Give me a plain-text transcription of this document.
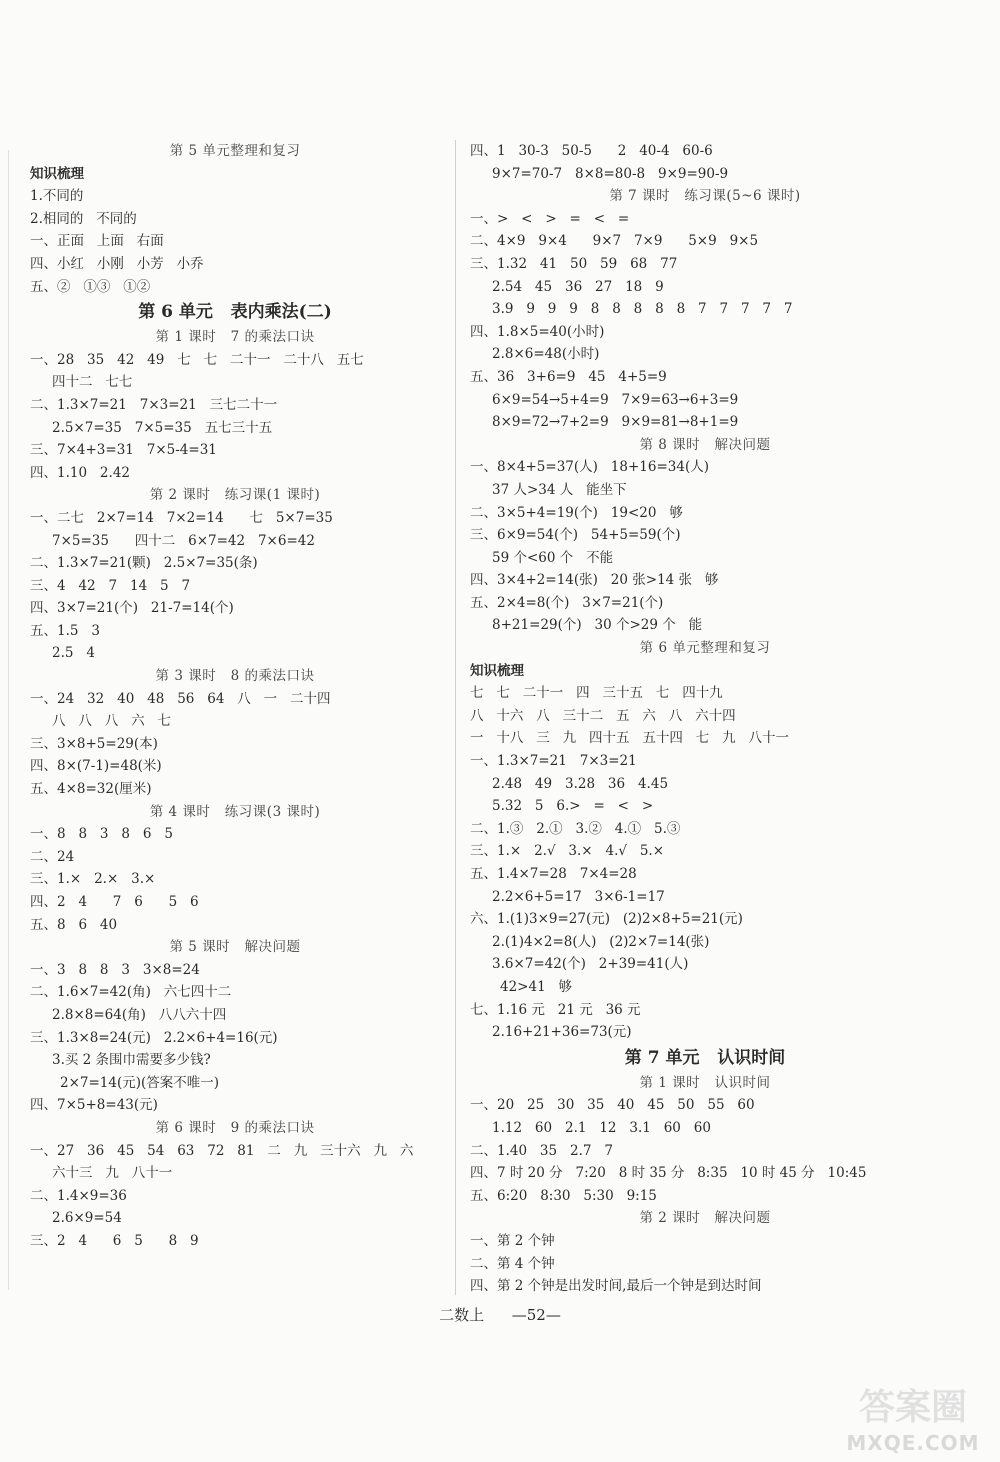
第 5 单元整理和复习
知识梳理
1.不同的
2.相同的   不同的
一、正面   上面   右面
四、小红   小刚   小芳   小乔
五、②   ①③   ①②
第 6 单元   表内乘法(二)
第 1 课时   7 的乘法口诀
一、28   35   42   49   七   七   二十一   二十八   五七
四十二   七七
二、1.3×7=21   7×3=21   三七二十一
2.5×7=35   7×5=35   五七三十五
三、7×4+3=31   7×5-4=31
四、1.10   2.42
第 2 课时   练习课(1 课时)
一、二七   2×7=14   7×2=14      七   5×7=35
7×5=35      四十二   6×7=42   7×6=42
二、1.3×7=21(颗)   2.5×7=35(条)
三、4   42   7   14   5   7
四、3×7=21(个)   21-7=14(个)
五、1.5   3
2.5   4
第 3 课时   8 的乘法口诀
一、24   32   40   48   56   64   八   一   二十四
八   八   八   六   七
三、3×8+5=29(本)
四、8×(7-1)=48(米)
五、4×8=32(厘米)
第 4 课时   练习课(3 课时)
一、8   8   3   8   6   5
二、24
三、1.×   2.×   3.×
四、2   4      7   6      5   6
五、8   6   40
第 5 课时   解决问题
一、3   8   8   3   3×8=24
二、1.6×7=42(角)   六七四十二
2.8×8=64(角)   八八六十四
三、1.3×8=24(元)   2.2×6+4=16(元)
3.买 2 条围巾需要多少钱?
2×7=14(元)(答案不唯一)
四、7×5+8=43(元)
第 6 课时   9 的乘法口诀
一、27   36   45   54   63   72   81   二   九   三十六   九   六
六十三   九   八十一
二、1.4×9=36
2.6×9=54
三、2   4      6   5      8   9
四、1   30-3   50-5      2   40-4   60-6
9×7=70-7   8×8=80-8   9×9=90-9
第 7 课时   练习课(5~6 课时)
一、>   <   >   =   <   =
二、4×9   9×4      9×7   7×9      5×9   9×5
三、1.32   41   50   59   68   77
2.54   45   36   27   18   9
3.9   9   9   9   8   8   8   8   8   7   7   7   7   7
四、1.8×5=40(小时)
2.8×6=48(小时)
五、36   3+6=9   45   4+5=9
6×9=54→5+4=9   7×9=63→6+3=9
8×9=72→7+2=9   9×9=81→8+1=9
第 8 课时   解决问题
一、8×4+5=37(人)   18+16=34(人)
37 人>34 人   能坐下
二、3×5+4=19(个)   19<20   够
三、6×9=54(个)   54+5=59(个)
59 个<60 个   不能
四、3×4+2=14(张)   20 张>14 张   够
五、2×4=8(个)   3×7=21(个)
8+21=29(个)   30 个>29 个   能
第 6 单元整理和复习
知识梳理
七   七   二十一   四   三十五   七   四十九
八   十六   八   三十二   五   六   八   六十四
一   十八   三   九   四十五   五十四   七   九   八十一
一、1.3×7=21   7×3=21
2.48   49   3.28   36   4.45
5.32   5   6.>   =   <   >
二、1.③   2.①   3.②   4.①   5.③
三、1.×   2.√   3.×   4.√   5.×
五、1.4×7=28   7×4=28
2.2×6+5=17   3×6-1=17
六、1.(1)3×9=27(元)   (2)2×8+5=21(元)
2.(1)4×2=8(人)   (2)2×7=14(张)
3.6×7=42(个)   2+39=41(人)
42>41   够
七、1.16 元   21 元   36 元
2.16+21+36=73(元)
第 7 单元   认识时间
第 1 课时   认识时间
一、20   25   30   35   40   45   50   55   60
1.12   60   2.1   12   3.1   60   60
二、1.40   35   2.7   7
四、7 时 20 分   7:20   8 时 35 分   8:35   10 时 45 分   10:45
五、6:20   8:30   5:30   9:15
第 2 课时   解决问题
一、第 2 个钟
二、第 4 个钟
四、第 2 个钟是出发时间,最后一个钟是到达时间
二数上 —52—
答案圈
MXQE.COM
